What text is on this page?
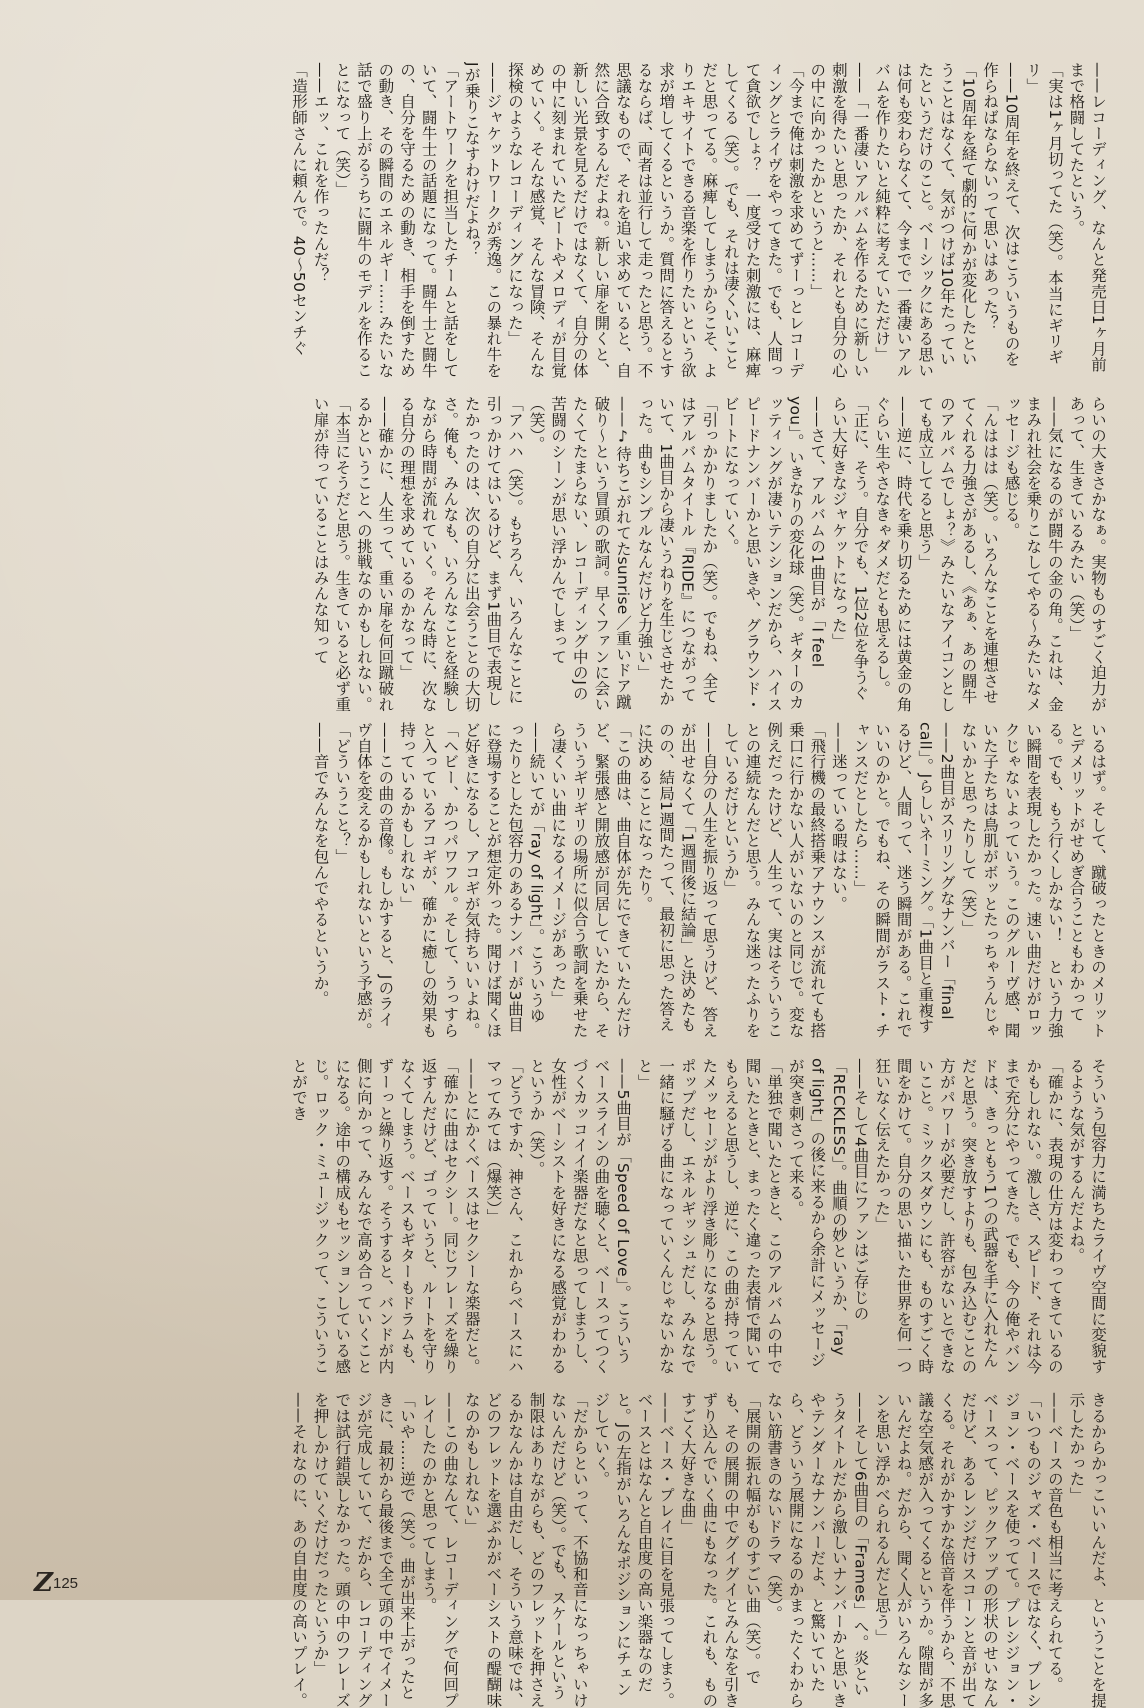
——レコーディング、なんと発売日1ヶ月前まで格闘してたという。
「実は1ヶ月切ってた（笑）。本当にギリギリ」
——10周年を終えて、次はこういうものを作らねばならないって思いはあった？
「10周年を経て劇的に何かが変化したということはなくて、気がつけば10年たっていたというだけのこと。ベーシックにある思いは何も変わらなくて、今までで一番凄いアルバムを作りたいと純粋に考えていただけ」
——「一番凄いアルバムを作るために新しい刺激を得たいと思ったか、それとも自分の心の中に向かったかというと……」
「今まで俺は刺激を求めてずーっとレコーディングとライヴをやってきた。でも、人間って貪欲でしょ？　一度受けた刺激には、麻痺してくる（笑）。でも、それは凄くいいことだと思ってる。麻痺してしまうからこそ、よりエキサイトできる音楽を作りたいという欲求が増してくるというか。質問に答えるとするならば、両者は並行して走ったと思う。不思議なもので、それを追い求めていると、自然に合致するんだよね。新しい扉を開くと、新しい光景を見るだけではなくて、自分の体の中に刻まれていたビートやメロディが目覚めていく。そんな感覚、そんな冒険、そんな探検のようなレコーディングになった」
——ジャケットワークが秀逸。この暴れ牛をJが乗りこなすわけだよね？
「アートワークを担当したチームと話をしていて、闘牛士の話題になって。闘牛士と闘牛の、自分を守るための動き、相手を倒すための動き、その瞬間のエネルギー……みたいな話で盛り上がるうちに闘牛のモデルを作ることになって（笑）」
——エッ、これを作ったんだ？
「造形師さんに頼んで。40～50センチぐ
らいの大きさかなぁ。実物ものすごく迫力があって、生きているみたい（笑）」
——気になるのが闘牛の金の角。これは、金まみれ社会を乗りこなしてやる～みたいなメッセージも感じる。
「んははは（笑）。いろんなことを連想させてくれる力強さがあるし、《あぁ、あの闘牛のアルバムでしょ？》みたいなアイコンとしても成立してると思う」
——逆に、時代を乗り切るためには黄金の角ぐらい生やさなきゃダメだとも思えるし。
「正に、そう。自分でも、1位2位を争うぐらい大好きなジャケットになった」
——さて、アルバムの1曲目が「I feel you」。いきなりの変化球（笑）。ギターのカッティングが凄いテンションだから、ハイスピードナンバーかと思いきや、グラウンド・ビートになっていく。
「引っかかりましたか（笑）。でもね、全てはアルバムタイトル『RIDE』につながっていて、1曲目から凄いうねりを生じさせたかった。曲もシンプルなんだけど力強い」
——♪待ちこがれてたsunrise／重いドア蹴破り～という冒頭の歌詞。早くファンに会いたくてたまらない、レコーディング中のJの苦闘のシーンが思い浮かんでしまって（笑）。
「アハハ（笑）。もちろん、いろんなことに引っかけてはいるけど、まず1曲目で表現したかったのは、次の自分に出会うことの大切さ。俺も、みんなも、いろんなことを経験しながら時間が流れていく。そんな時に、次なる自分の理想を求めているのかなって」
——確かに、人生って、重い扉を何回蹴破れるかということへの挑戦なのかもしれない。
「本当にそうだと思う。生きていると必ず重い扉が待っていることはみんな知って
いるはず。そして、蹴破ったときのメリットとデメリットがせめぎ合うこともわかってる。でも、もう行くしかない！　という力強い瞬間を表現したかった。速い曲だけがロックじゃないよっていう。このグルーヴ感、聞いた子たちは鳥肌がボッとたっちゃうんじゃないかと思ったりして（笑）」
——2曲目がスリリングなナンバー「final call」。Jらしいネーミング。「1曲目と重複するけど、人間って、迷う瞬間がある。これでいいのかと。でもね、その瞬間がラスト・チャンスだとしたら……」
——迷っている暇はない。
「飛行機の最終搭乗アナウンスが流れても搭乗口に行かない人がいないのと同じで。変な例えだったけど、人生って、実はそういうことの連続なんだと思う。みんな迷ったふりをしているだけというか」
——自分の人生を振り返って思うけど、答えが出せなくて「1週間後に結論」と決めたものの、結局1週間たって、最初に思った答えに決めることになったり。
「この曲は、曲自体が先にできていたんだけど、緊張感と開放感が同居していたから、そういうギリギリの場所に似合う歌詞を乗せたら凄くいい曲になるイメージがあった」
——続いてが「ray of light」。こういうゆったりとした包容力のあるナンバーが3曲目に登場することが想定外った。聞けば聞くほど好きになるし、アコギが気持ちいいよね。
「ヘビー、かつパワフル。そして、うっすらと入っているアコギが、確かに癒しの効果も持っているかもしれない」
——この曲の音像。もしかすると、Jのライヴ自体を変えるかもしれないという予感が。
「どういうこと？」
——音でみんなを包んでやるというか。
そういう包容力に満ちたライヴ空間に変貌するような気がするんだよね。
「確かに、表現の仕方は変わってきているのかもしれない。激しさ、スピード、それは今まで充分にやってきた。でも、今の俺やバンドは、きっともう1つの武器を手に入れたんだと思う。突き放すよりも、包み込むことの方がパワーが必要だし、許容がないとできないこと。ミックスダウンにも、ものすごく時間をかけて。自分の思い描いた世界を何一つ狂いなく伝えたかった」
——そして4曲目にファンはご存じの「RECKLESS」。曲順の妙というか、「ray of light」の後に来るから余計にメッセージが突き刺さって来る。
「単独で聞いたときと、このアルバムの中で聞いたときと、まったく違った表情で聞いてもらえると思うし、逆に、この曲が持っていたメッセージがより浮き彫りになると思う。ポップだし、エネルギッシュだし、みんなで一緒に騒げる曲になっていくんじゃないかなと」
——5曲目が「Speed of Love」。こういうベースラインの曲を聴くと、ベースってつくづくカッコイイ楽器だなと思ってしまうし、女性がベーシストを好きになる感覚がわかるというか（笑）。
「どうですか、神さん、これからベースにハマってみては（爆笑）」
——とにかくベースはセクシーな楽器だと。
「確かに曲はセクシー。同じフレーズを繰り返すんだけど、ゴっていうと、ルートを守りなくてしまう。ベースもギターもドラムも、ずーっと繰り返す。そうすると、バンドが内側に向かって、みんなで高め合っていくことになる。途中の構成もセッションしている感じ。ロック・ミュージックって、こういうことができ
きるからかっこいいんだよ、ということを提示したかった」
——ベースの音色も相当に考えられてる。
「いつものジャズ・ベースではなく、プレシジョン・ベースを使ってて。プレシジョン・ベースって、ピックアップの形状のせいなんだけど、あるレンジだけスコーンと音が出てくる。それがかすかな倍音を伴うから、不思議な空気感が入ってくるというか。隙間が多いんだよね。だから、聞く人がいろんなシーンを思い浮かべられるんだと思う」
——そして6曲目の「Frames」へ。炎というタイトルだから激しいナンバーかと思いきやテンダーなナンバーだよ、と驚いていたら、どういう展開になるのかまったくわからない筋書きのないドラマ（笑）。
「展開の振れ幅がものすごい曲（笑）。でも、その展開の中でグイグイとみんなを引きずり込んでいく曲にもなった。これも、ものすごく大好きな曲」
——ベース・プレイに目を見張ってしまう。ベースとはなんと自由度の高い楽器なのだと。Jの左指がいろんなポジションにチェンジしていく。
「だからといって、不協和音になっちゃいけないんだけど（笑）。でも、スケールという制限はありながらも、どのフレットを押さえるかなんかは自由だし、そういう意味では、どのフレットを選ぶかがベーシストの醍醐味なのかもしれない」
——この曲なんて、レコーディングで何回プレイしたのかと思ってしまう。
「いや……逆で（笑）。曲が出来上がったときに、最初から最後まで全て頭の中でイメージが完成していて、だから、レコーディングでは試行錯誤しなかった。頭の中のフレーズを押しかけていくだけだったというか」
——それなのに、あの自由度の高いプレイ。
Z 125
